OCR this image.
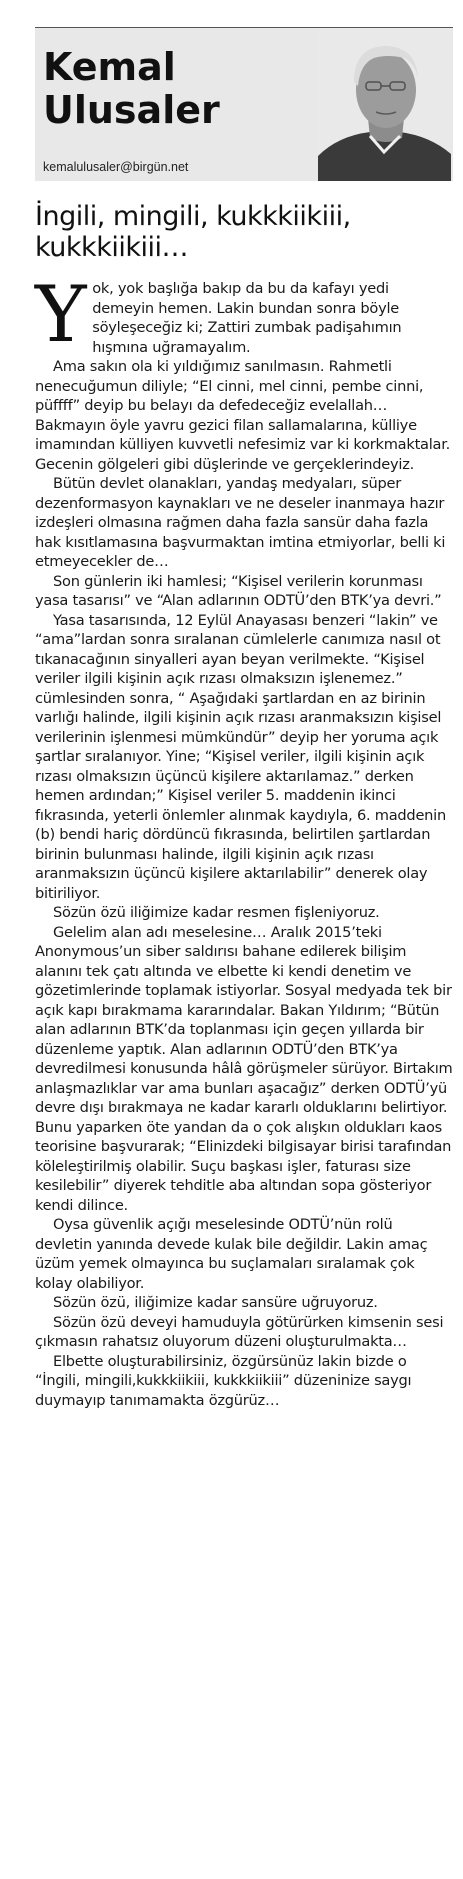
Kemal Ulusaler
kemalulusaler@birgün.net
İngili, mingili, kukkkiikiii, kukkkiikiii…

Yok, yok başlığa bakıp da bu da kafayı yedi demeyin hemen. Lakin bundan sonra böyle söyleşeceğiz ki; Zattiri zumbak padişahımın hışmına uğramayalım.

Ama sakın ola ki yıldığımız sanılmasın. Rahmetli nenecuğumun diliyle; “El cinni, mel cinni, pembe cinni, püffff” deyip bu belayı da defedeceğiz evelallah… Bakmayın öyle yavru gezici filan sallamalarına, külliye imamından külliyen kuvvetli nefesimiz var ki korkmaktalar. Gecenin gölgeleri gibi düşlerinde ve gerçeklerindeyiz.

Bütün devlet olanakları, yandaş medyaları, süper dezenformasyon kaynakları ve ne deseler inanmaya hazır izdeşleri olmasına rağmen daha fazla sansür daha fazla hak kısıtlamasına başvurmaktan imtina etmiyorlar, belli ki etmeyecekler de…

Son günlerin iki hamlesi; “Kişisel verilerin korunması yasa tasarısı” ve “Alan adlarının ODTÜ’den BTK’ya devri.”

Yasa tasarısında, 12 Eylül Anayasası benzeri “lakin” ve “ama”lardan sonra sıralanan cümlelerle canımıza nasıl ot tıkanacağının sinyalleri ayan beyan verilmekte. “Kişisel veriler ilgili kişinin açık rızası olmaksızın işlenemez.” cümlesinden sonra, “ Aşağıdaki şartlardan en az birinin varlığı halinde, ilgili kişinin açık rızası aranmaksızın kişisel verilerinin işlenmesi mümkündür” deyip her yoruma açık şartlar sıralanıyor. Yine; “Kişisel veriler, ilgili kişinin açık rızası olmaksızın üçüncü kişilere aktarılamaz.” derken hemen ardından;” Kişisel veriler 5. maddenin ikinci fıkrasında, yeterli önlemler alınmak kaydıyla, 6. maddenin (b) bendi hariç dördüncü fıkrasında, belirtilen şartlardan birinin bulunması halinde, ilgili kişinin açık rızası aranmaksızın üçüncü kişilere aktarılabilir” denerek olay bitiriliyor.

Sözün özü iliğimize kadar resmen fişleniyoruz.

Gelelim alan adı meselesine… Aralık 2015’teki Anonymous’un siber saldırısı bahane edilerek bilişim alanını tek çatı altında ve elbette ki kendi denetim ve gözetimlerinde toplamak istiyorlar. Sosyal medyada tek bir açık kapı bırakmama kararındalar. Bakan Yıldırım; “Bütün alan adlarının BTK’da toplanması için geçen yıllarda bir düzenleme yaptık. Alan adlarının ODTÜ’den BTK’ya devredilmesi konusunda hâlâ görüşmeler sürüyor. Birtakım anlaşmazlıklar var ama bunları aşacağız” derken ODTÜ’yü devre dışı bırakmaya ne kadar kararlı olduklarını belirtiyor. Bunu yaparken öte yandan da o çok alışkın oldukları kaos teorisine başvurarak; “Elinizdeki bilgisayar birisi tarafından köleleştirilmiş olabilir. Suçu başkası işler, faturası size kesilebilir” diyerek tehditle aba altından sopa gösteriyor kendi dilince.

Oysa güvenlik açığı meselesinde ODTÜ’nün rolü devletin yanında devede kulak bile değildir. Lakin amaç üzüm yemek olmayınca bu suçlamaları sıralamak çok kolay olabiliyor.

Sözün özü, iliğimize kadar sansüre uğruyoruz.

Sözün özü deveyi hamuduyla götürürken kimsenin sesi çıkmasın rahatsız oluyorum düzeni oluşturulmakta…

Elbette oluşturabilirsiniz, özgürsünüz lakin bizde o “İngili, mingili,kukkkiikiii, kukkkiikiii” düzeninize saygı duymayıp tanımamakta özgürüz…
